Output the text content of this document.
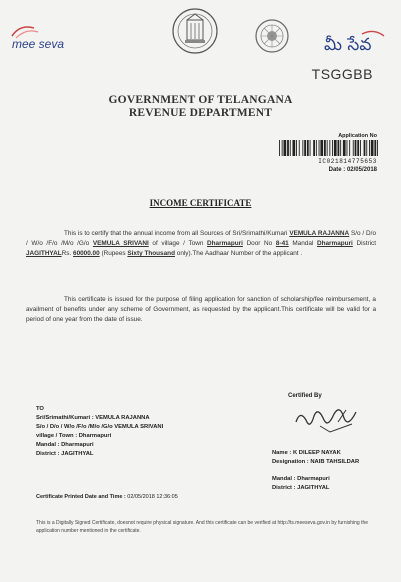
mee seva	మీ సేవ
TSGGBB
GOVERNMENT OF TELANGANA
REVENUE DEPARTMENT
Application No
IC021814775653
Date : 02/05/2018
INCOME CERTIFICATE
This is to certify that the annual income from all Sources of Sri/Srimathi/Kumari VEMULA RAJANNA S/o / D/o / W/o /F/o /M/o /G/o VEMULA SRIVANI of village / Town Dharmapuri Door No 8-41 Mandal Dharmapuri District JAGITHYALRs. 60000.00 (Rupees Sixty Thousand only).The Aadhaar Number of the applicant .
This certificate is issued for the purpose of filing application for sanction of scholarship/fee reimbursement, a availment of benefits under any scheme of Government, as requested by the applicant.This certificate will be valid for a period of one year from the date of issue.
Certified By
Name : K DILEEP NAYAK
Designation : NAIB TAHSILDAR
Mandal : Dharmapuri
District : JAGITHYAL
TO
Sri/Srimathi/Kumari : VEMULA RAJANNA
S/o / D/o / W/o /F/o /M/o /G/o VEMULA SRIVANI
village / Town : Dharmapuri
Mandal : Dharmapuri
District : JAGITHYAL
Certificate Printed Date and Time : 02/05/2018 12:36:05
This is a Digitally Signed Certificate, doesnot require physical signature. And this certificate can be verified at http://ts.meeseva.gov.in by furnishing the application number mentioned in the certificate.
